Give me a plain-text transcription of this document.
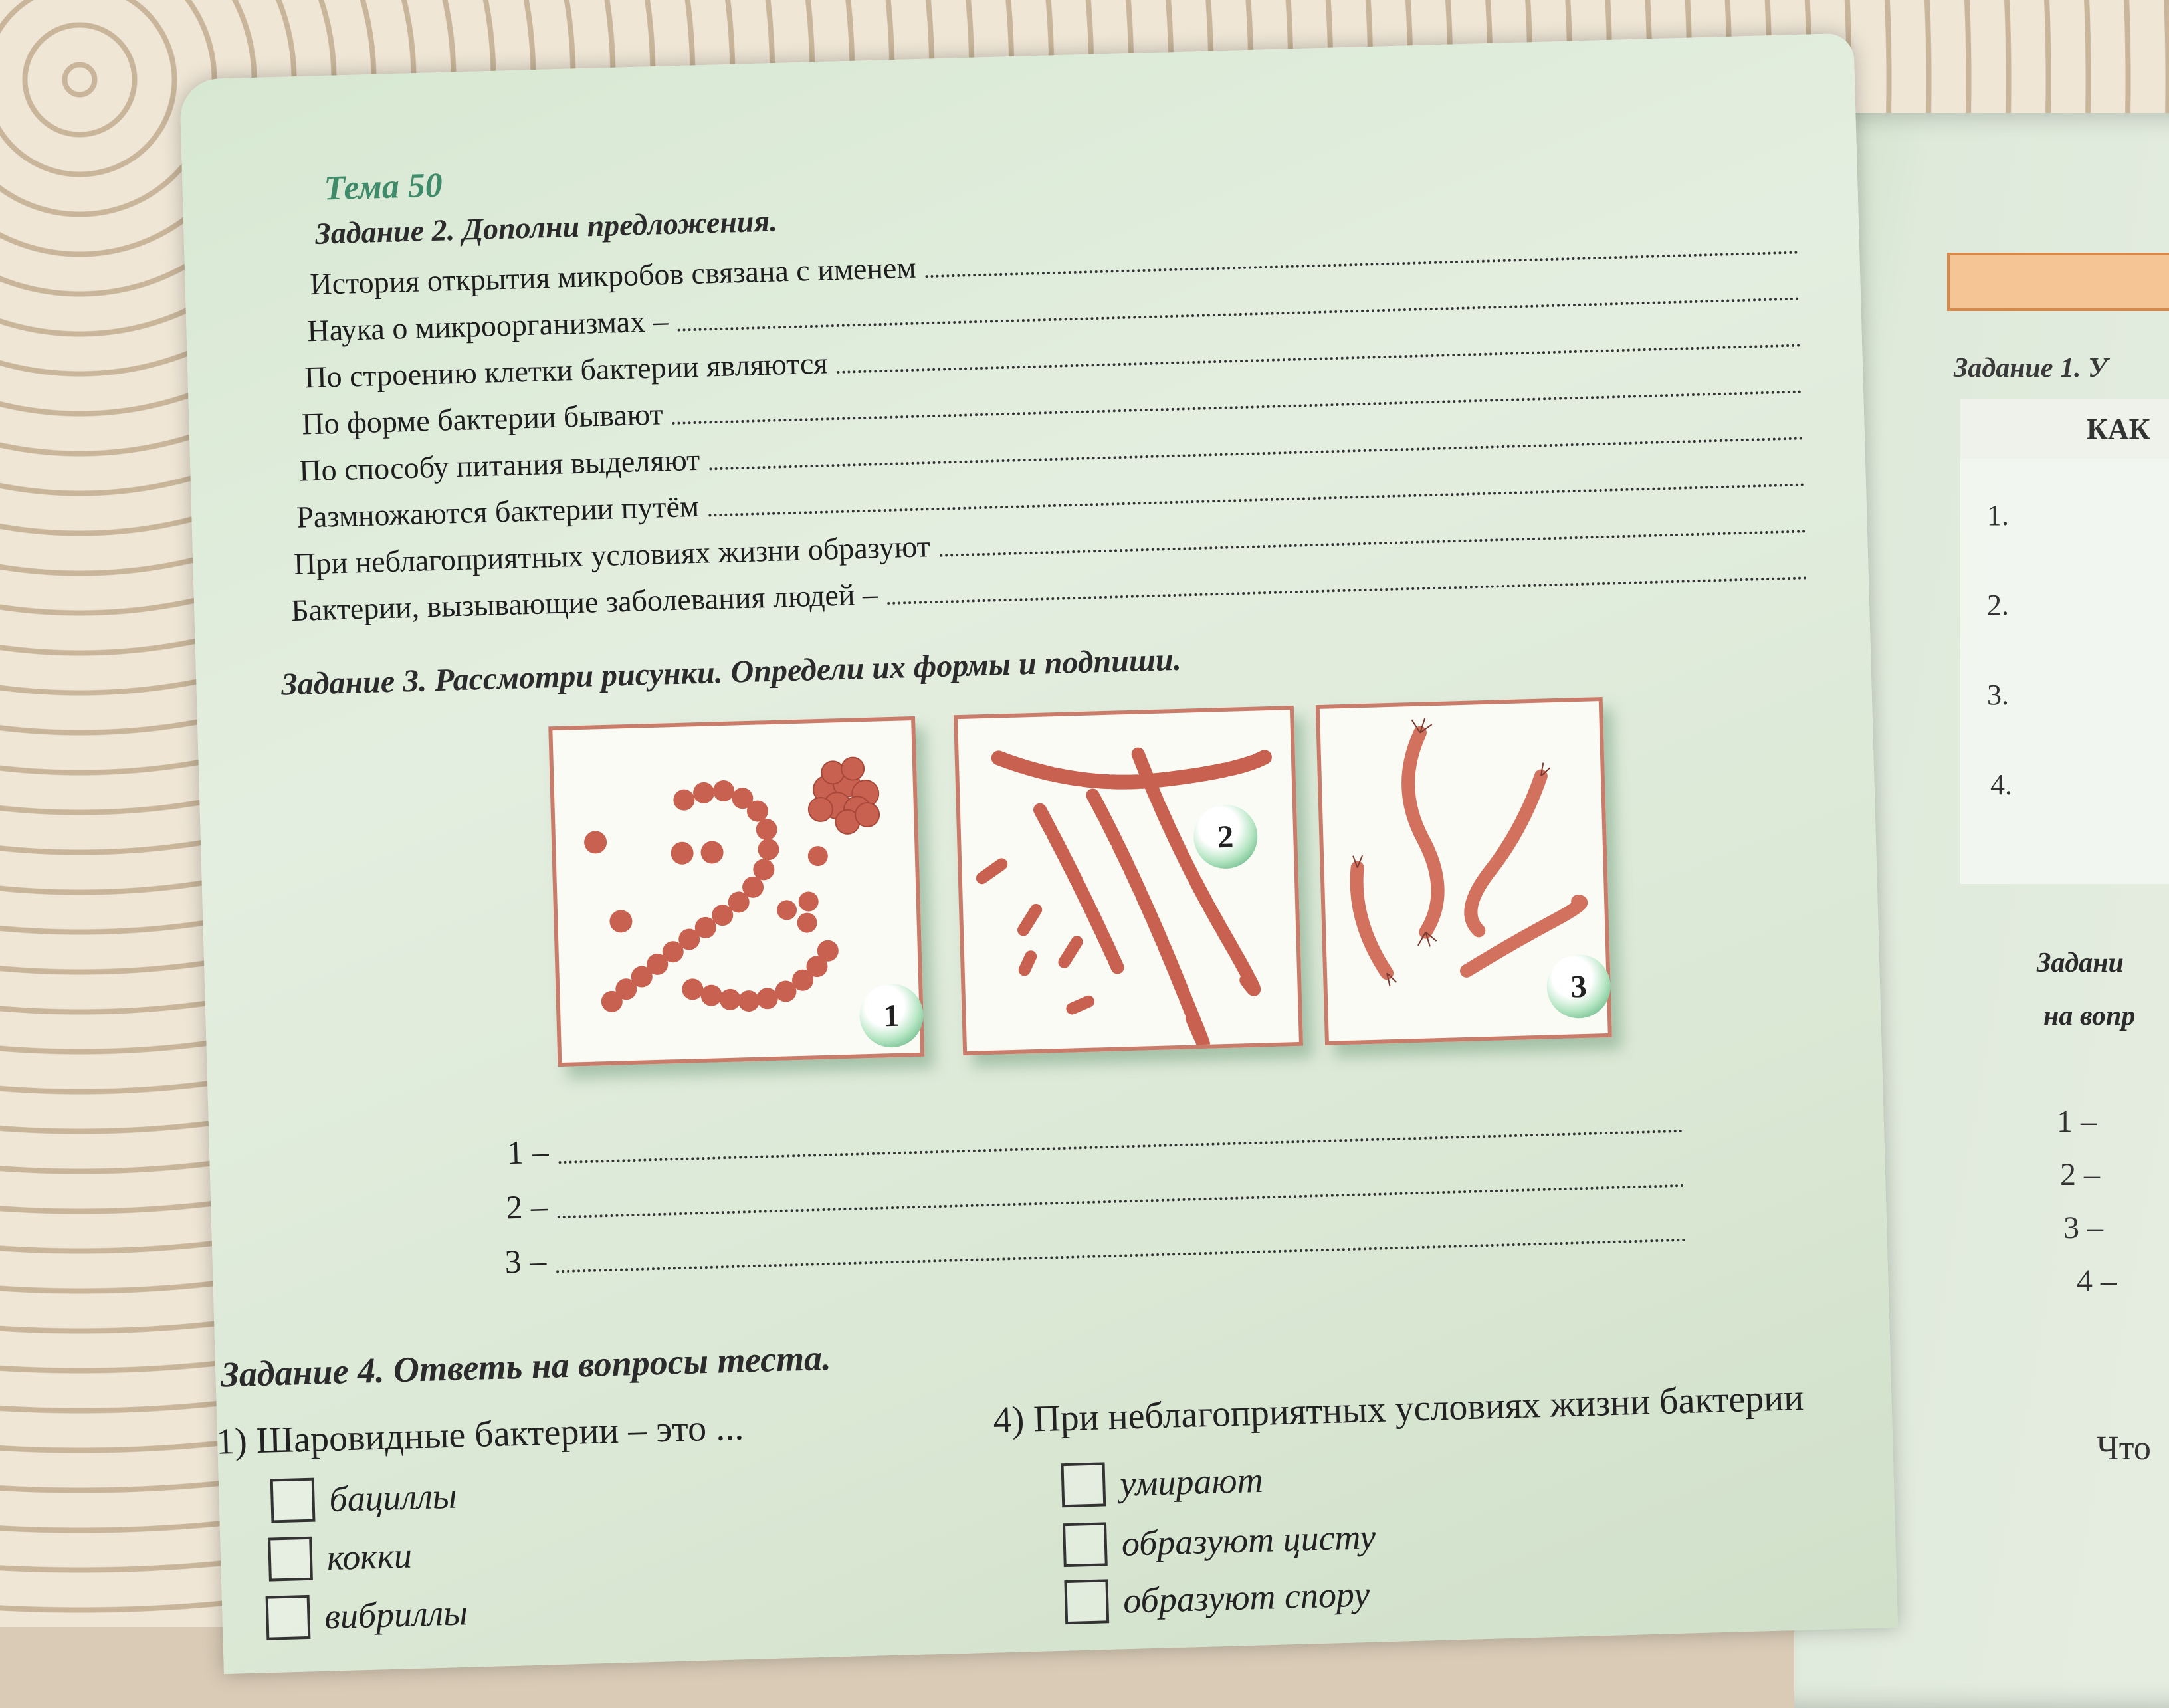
Тема 50
Задание 2. Дополни предложения.
История открытия микробов связана с именем
Наука о микроорганизмах –
По строению клетки бактерии являются
По форме бактерии бывают
По способу питания выделяют
Размножаются бактерии путём
При неблагоприятных условиях жизни образуют
Бактерии, вызывающие заболевания людей –
Задание 3. Рассмотри рисунки. Определи их формы и подпиши.
1
2
3
1 –
2 –
3 –
Задание 4. Ответь на вопросы теста.
1) Шаровидные бактерии – это ...
бациллы
кокки
вибриллы
4) При неблагоприятных условиях жизни бактерии
умирают
образуют цисту
образуют спору
Задание 1. У
КАК
1.
2.
3.
4.
Задани
на вопр
1 –
2 –
3 –
4 –
Что
